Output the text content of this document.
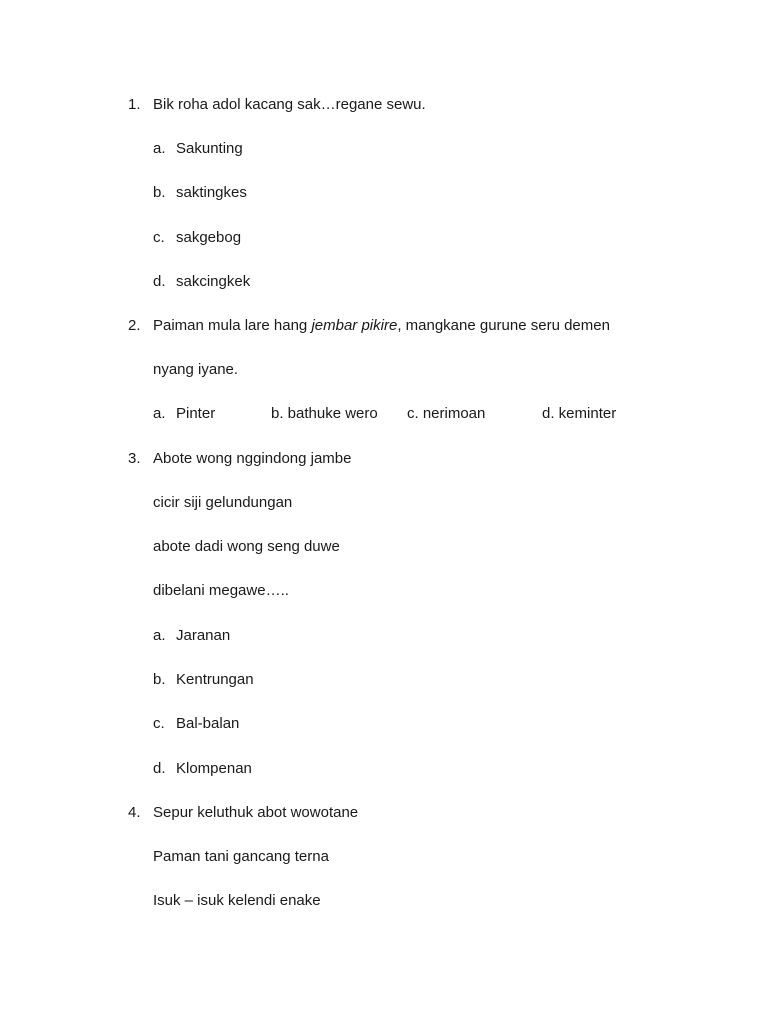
1. Bik roha adol kacang sak…regane sewu.
a. Sakunting
b. saktingkes
c. sakgebog
d. sakcingkek
2. Paiman mula lare hang jembar pikire, mangkane gurune seru demen
nyang iyane.
a. Pinter	b. bathuke wero c. nerimoan	d. keminter
3. Abote wong nggindong jambe
cicir siji gelundungan
abote dadi wong seng duwe
dibelani megawe…..
a. Jaranan
b. Kentrungan
c. Bal-balan
d. Klompenan
4. Sepur keluthuk abot wowotane
Paman tani gancang terna
Isuk – isuk kelendi enake
